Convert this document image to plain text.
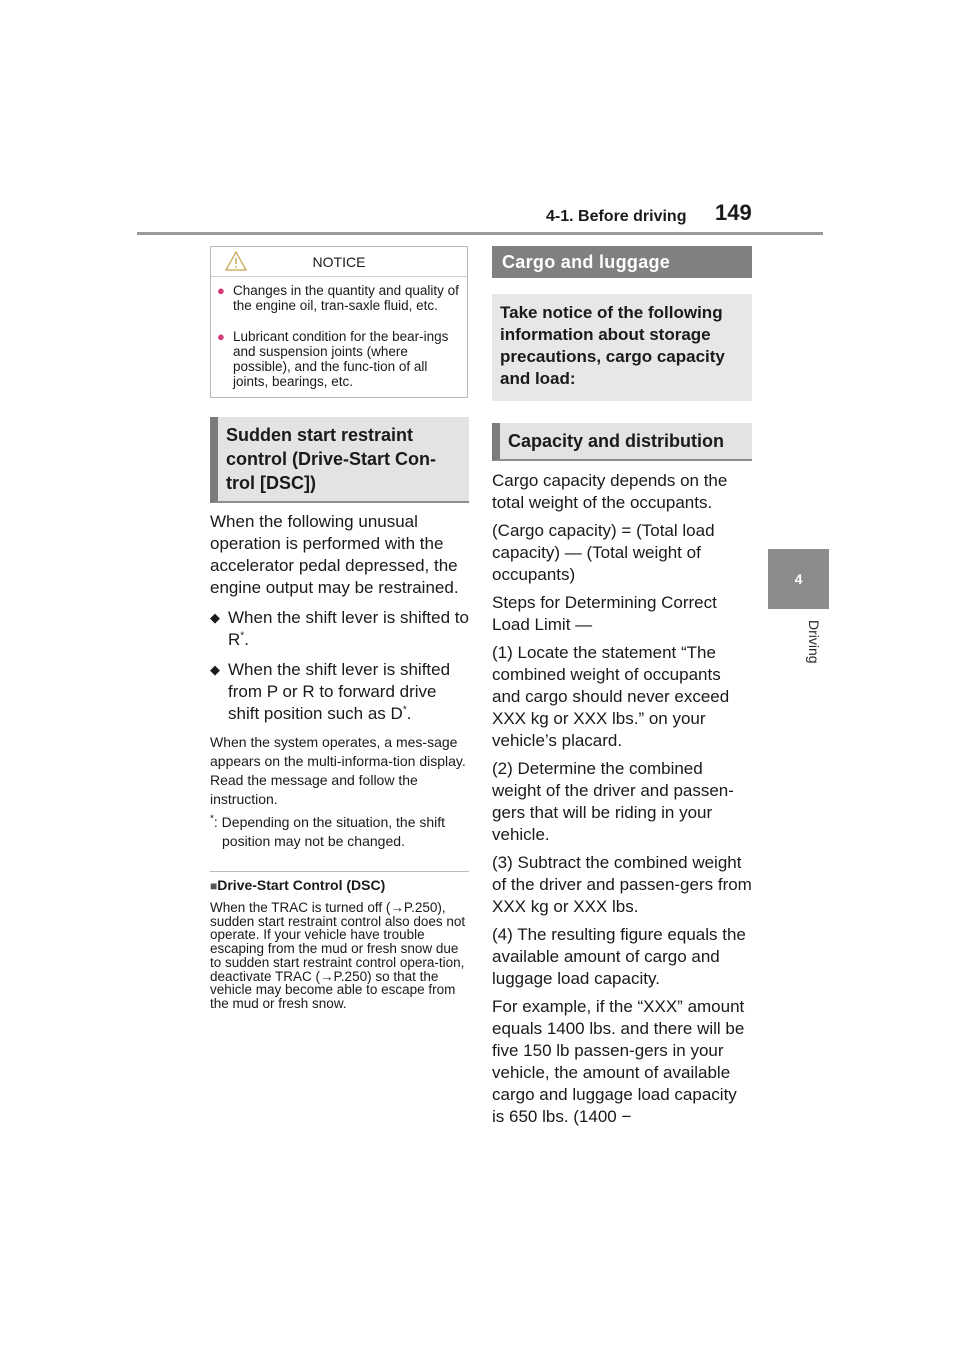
4-1. Before driving 149
4
Driving
NOTICE
● Changes in the quantity and quality of the engine oil, tran-saxle fluid, etc.
● Lubricant condition for the bear-ings and suspension joints (where possible), and the func-tion of all joints, bearings, etc.
Sudden start restraint control (Drive-Start Con-trol [DSC])

When the following unusual operation is performed with the accelerator pedal depressed, the engine output may be restrained.

◆ When the shift lever is shifted to R*.
◆ When the shift lever is shifted from P or R to forward drive shift position such as D*.

When the system operates, a mes-sage appears on the multi-informa-tion display. Read the message and follow the instruction.

*: Depending on the situation, the shift position may not be changed.

■Drive-Start Control (DSC)

When the TRAC is turned off (→P.250), sudden start restraint control also does not operate. If your vehicle have trouble escaping from the mud or fresh snow due to sudden start restraint control opera-tion, deactivate TRAC (→P.250) so that the vehicle may become able to escape from the mud or fresh snow.

Cargo and luggage
Take notice of the following information about storage precautions, cargo capacity and load:
Capacity and distribution

Cargo capacity depends on the total weight of the occupants.

(Cargo capacity) = (Total load capacity) — (Total weight of occupants)

Steps for Determining Correct Load Limit —

(1) Locate the statement “The combined weight of occupants and cargo should never exceed XXX kg or XXX lbs.” on your vehicle’s placard.

(2) Determine the combined weight of the driver and passen-gers that will be riding in your vehicle.

(3) Subtract the combined weight of the driver and passen-gers from XXX kg or XXX lbs.

(4) The resulting figure equals the available amount of cargo and luggage load capacity.

For example, if the “XXX” amount equals 1400 lbs. and there will be five 150 lb passen-gers in your vehicle, the amount of available cargo and luggage load capacity is 650 lbs. (1400 −
